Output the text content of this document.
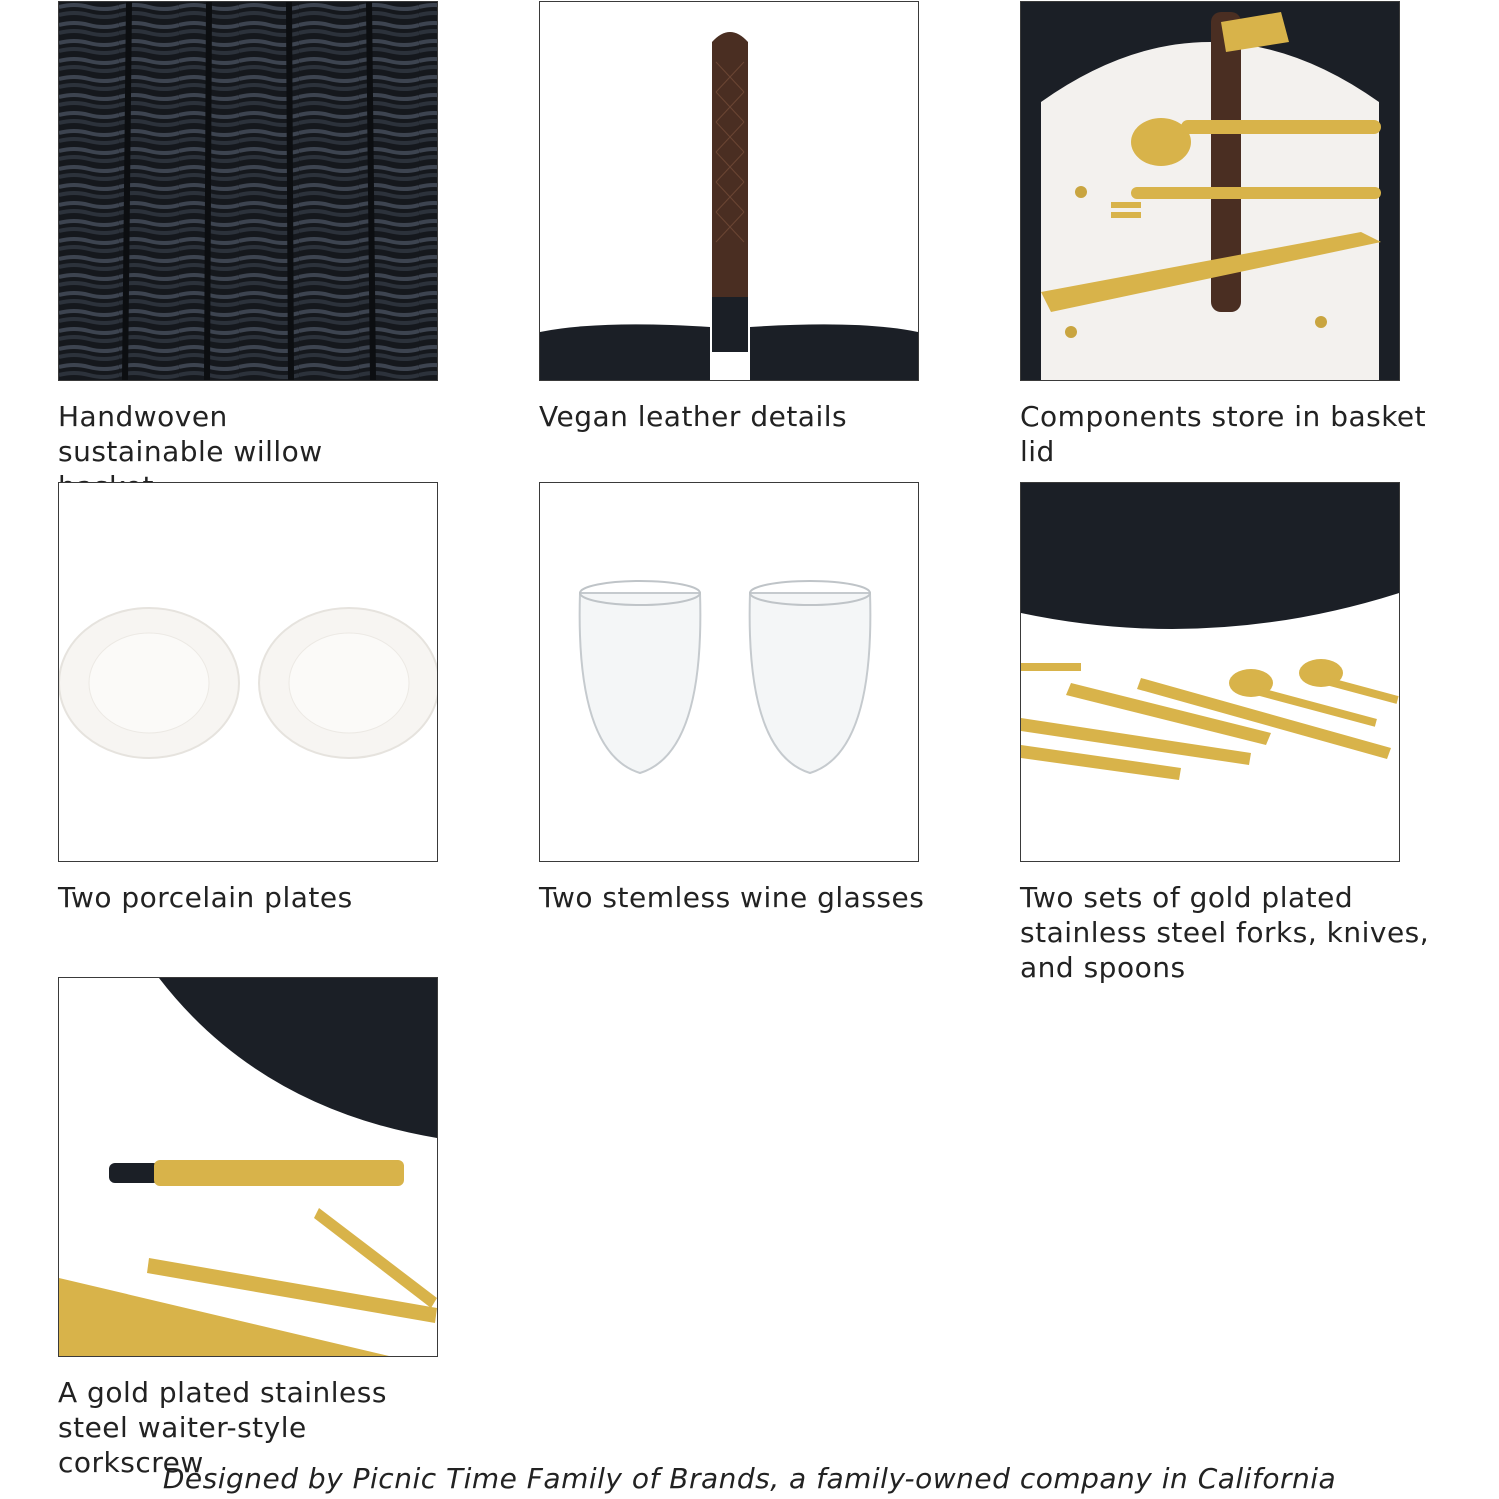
Handwoven sustainable willow
Vegan leather details	Components store in basket lid
Two porcelain plates	Two stemless wine glasses	Two sets of gold plated stainless steel forks, knives, and spoons
A gold plated stainless steel waiter-style corkscrew
Designed by Picnic Time Family of Brands, a family-owned company in California
